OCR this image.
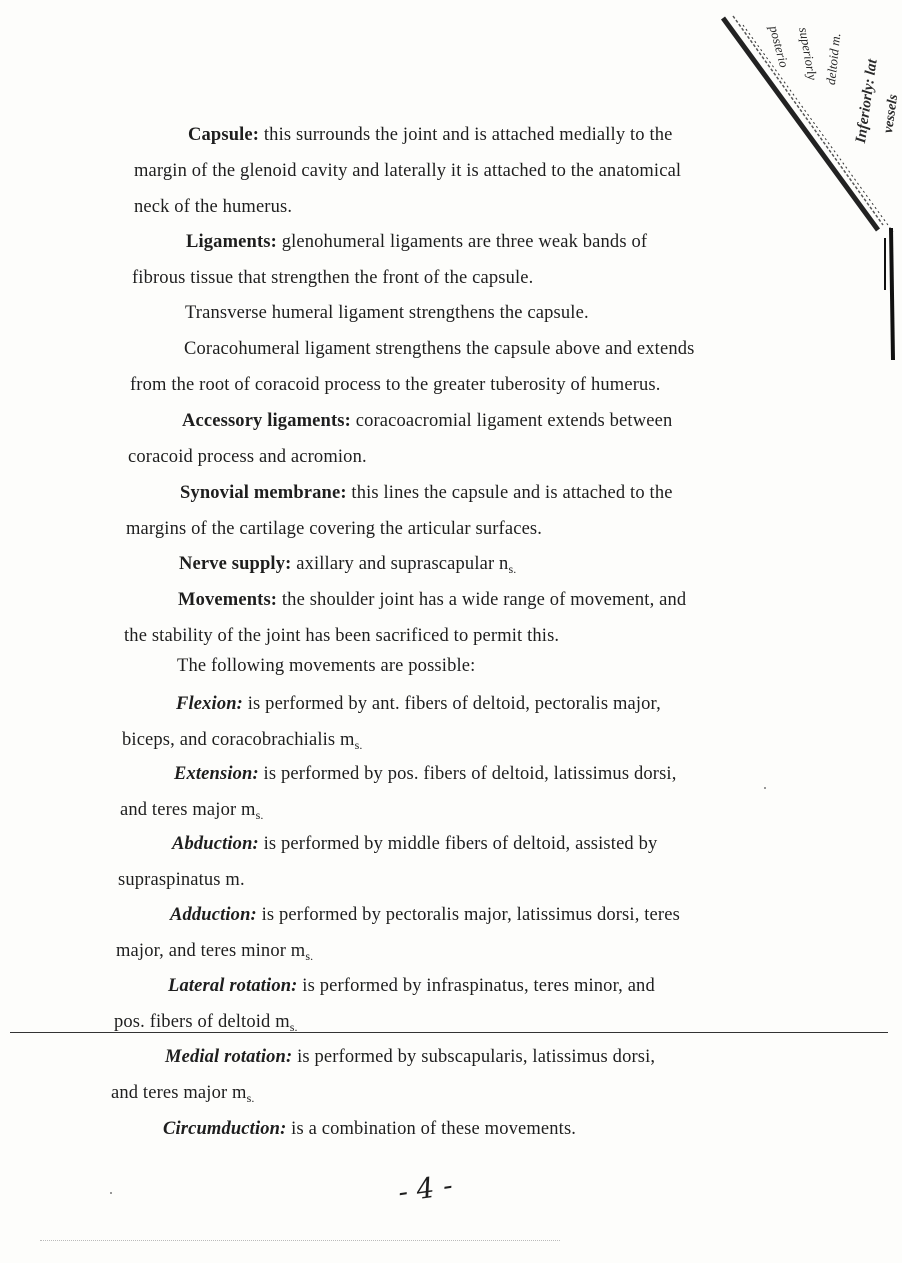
posterio superiorly deltoid m. Inferiorly: lat vessels
Capsule: this surrounds the joint and is attached medially to the
margin of the glenoid cavity and laterally it is attached to the anatomical
neck of the humerus.
Ligaments: glenohumeral ligaments are three weak bands of
fibrous tissue that strengthen the front of the capsule.
Transverse humeral ligament strengthens the capsule.
Coracohumeral ligament strengthens the capsule above and extends
from the root of coracoid process to the greater tuberosity of humerus.
Accessory ligaments: coracoacromial ligament extends between
coracoid process and acromion.
Synovial membrane: this lines the capsule and is attached to the
margins of the cartilage covering the articular surfaces.
Nerve supply: axillary and suprascapular $n_{s.}$
Movements: the shoulder joint has a wide range of movement, and
the stability of the joint has been sacrificed to permit this.
The following movements are possible:
Flexion: is performed by ant. fibers of deltoid, pectoralis major,
biceps, and coracobrachialis $m_{s.}$
Extension: is performed by pos. fibers of deltoid, latissimus dorsi,
and teres major $m_{s.}$
Abduction: is performed by middle fibers of deltoid, assisted by
supraspinatus m.
Adduction: is performed by pectoralis major, latissimus dorsi, teres
major, and teres minor $m_{s.}$
Lateral rotation: is performed by infraspinatus, teres minor, and
pos. fibers of deltoid $m_{s.}$
Medial rotation: is performed by subscapularis, latissimus dorsi,
and teres major $m_{s.}$
Circumduction: is a combination of these movements.
- 4 -
